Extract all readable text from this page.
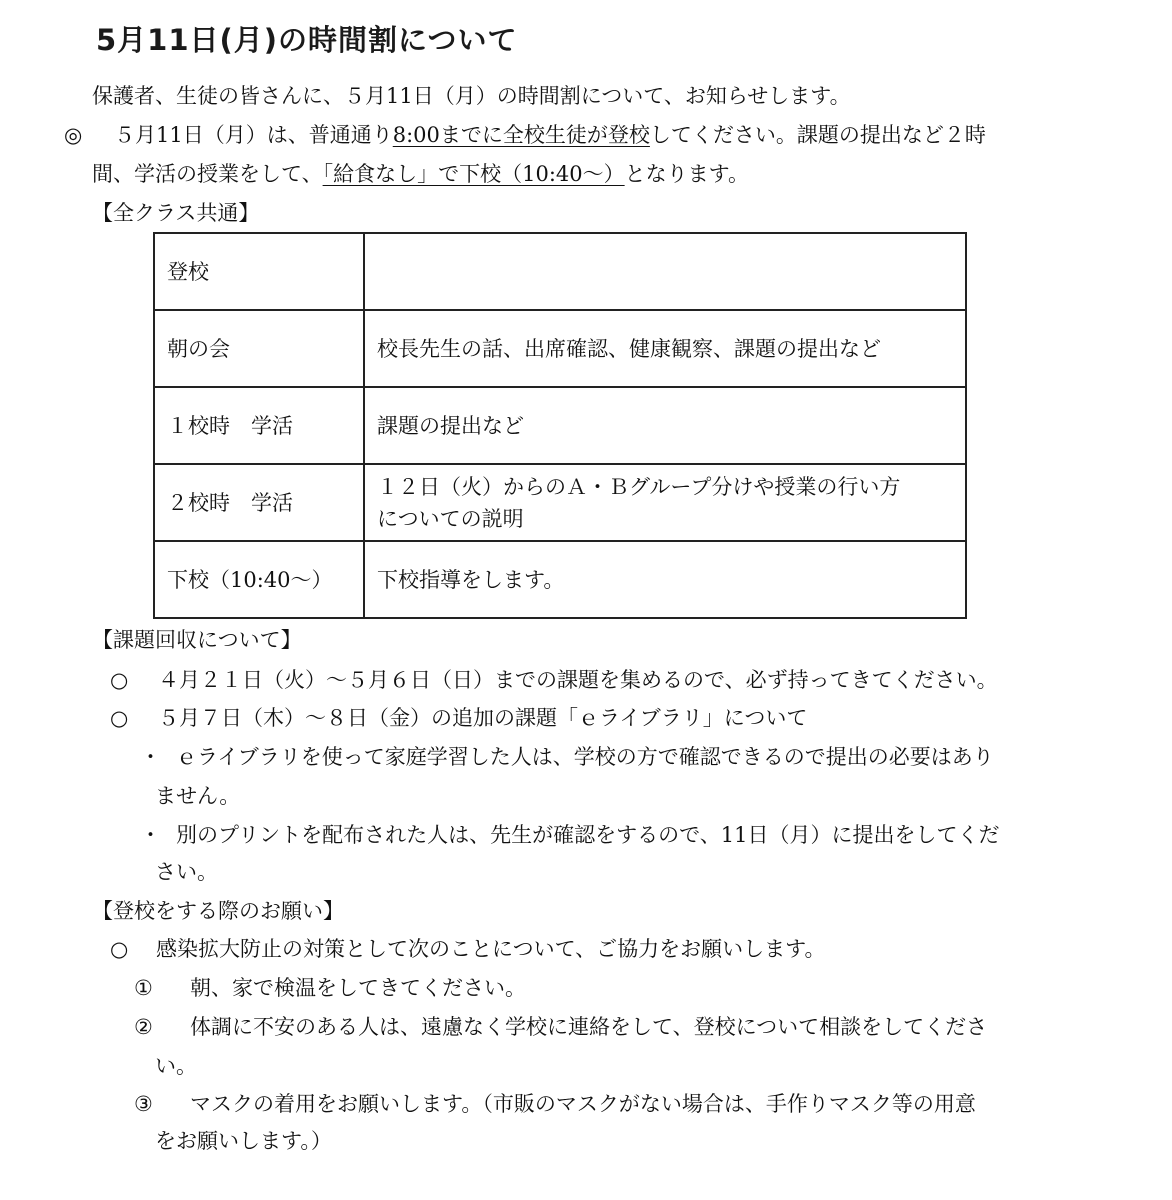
5月11日(月)の時間割について
保護者、生徒の皆さんに、５月11日（月）の時間割について、お知らせします。
◎ ５月11日（月）は、普通通り8:00までに全校生徒が登校してください。課題の提出など２時
間、学活の授業をして、「給食なし」で下校（10:40～）となります。
【全クラス共通】
登校	
朝の会	校長先生の話、出席確認、健康観察、課題の提出など
１校時　学活	課題の提出など
２校時　学活	１２日（火）からのＡ・Ｂグループ分けや授業の行い方
についての説明

下校（10:40～）	下校指導をします。
【課題回収について】
○ ４月２１日（火）～５月６日（日）までの課題を集めるので、必ず持ってきてください。
○ ５月７日（木）～８日（金）の追加の課題「ｅライブラリ」について
・ ｅライブラリを使って家庭学習した人は、学校の方で確認できるので提出の必要はあり
ません。
・ 別のプリントを配布された人は、先生が確認をするので、11日（月）に提出をしてくだ
さい。
【登校をする際のお願い】
○ 感染拡大防止の対策として次のことについて、ご協力をお願いします。
① 朝、家で検温をしてきてください。
② 体調に不安のある人は、遠慮なく学校に連絡をして、登校について相談をしてくださ
い。
③ マスクの着用をお願いします。（市販のマスクがない場合は、手作りマスク等の用意
をお願いします。）
